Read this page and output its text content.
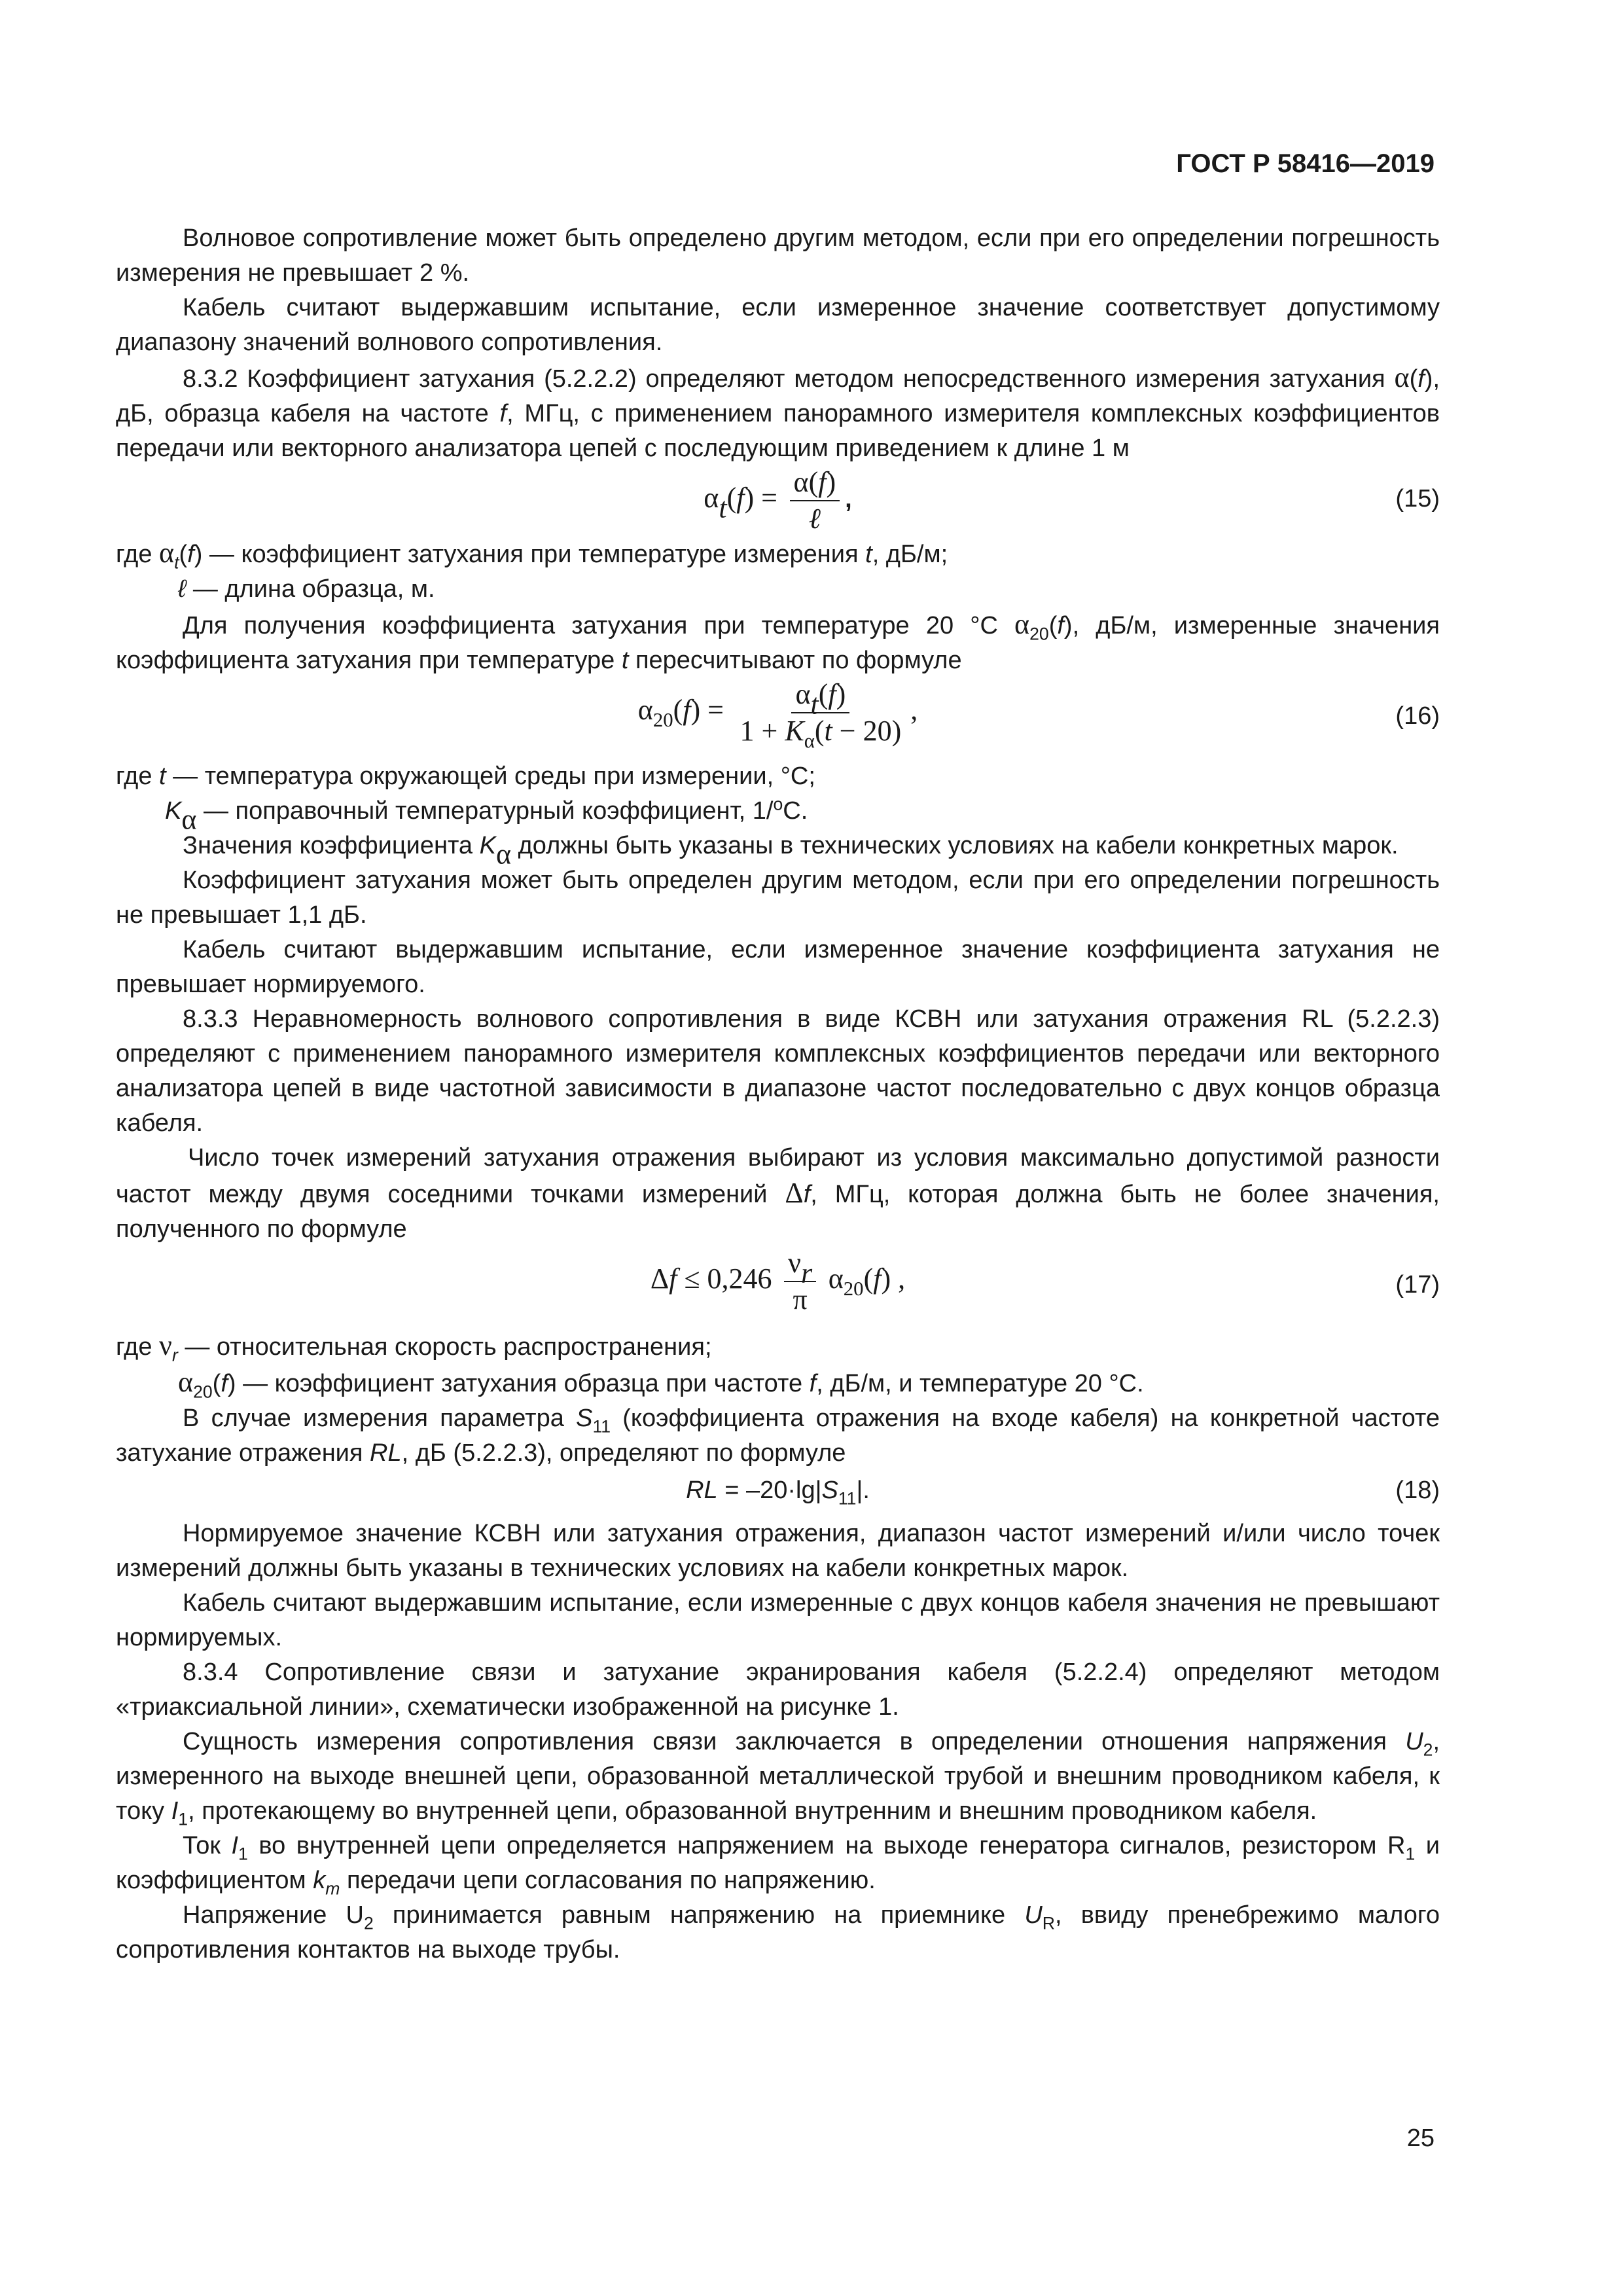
ГОСТ Р 58416—2019

Волновое сопротивление может быть определено другим методом, если при его определении погрешность измерения не превышает 2 %.

Кабель считают выдержавшим испытание, если измеренное значение соответствует допустимому диапазону значений волнового сопротивления.

8.3.2 Коэффициент затухания (5.2.2.2) определяют методом непосредственного измерения затухания α(f), дБ, образца кабеля на частоте f, МГц, с применением панорамного измерителя комплексных коэффициентов передачи или векторного анализатора цепей с последующим приведением к длине 1 м

$\alpha_t(f) = \frac{\alpha(f)}{\text{ℓ}}$ ,	(15)

где $\alpha_t(f)$ — коэффициент затухания при температуре измерения t, дБ/м;

ℓ — длина образца, м.

Для получения коэффициента затухания при температуре 20 °С $\alpha_{20}(f)$, дБ/м, измеренные значения коэффициента затухания при температуре t пересчитывают по формуле

$\alpha_{20}(f) = \frac{\alpha_t(f)}{1 + K_\alpha(t - 20)}$ ,	(16)

где t — температура окружающей среды при измерении, °С;

$K_\alpha$ — поправочный температурный коэффициент, 1/$^o$С.

Значения коэффициента $K_\alpha$ должны быть указаны в технических условиях на кабели конкретных марок.

Коэффициент затухания может быть определен другим методом, если при его определении погрешность не превышает 1,1 дБ.

Кабель считают выдержавшим испытание, если измеренное значение коэффициента затухания не превышает нормируемого.

8.3.3 Неравномерность волнового сопротивления в виде КСВН или затухания отражения RL (5.2.2.3) определяют с применением панорамного измерителя комплексных коэффициентов передачи или векторного анализатора цепей в виде частотной зависимости в диапазоне частот последовательно с двух концов образца кабеля.

Число точек измерений затухания отражения выбирают из условия максимально допустимой разности частот между двумя соседними точками измерений Δf, МГц, которая должна быть не более значения, полученного по формуле

$\Delta f \le 0,246 \frac{\nu_r}{\pi} \alpha_{20}(f)$ ,	(17)

где $\nu_r$ — относительная скорость распространения;

$\alpha_{20}(f)$ — коэффициент затухания образца при частоте f, дБ/м, и температуре 20 °С.

В случае измерения параметра $S_{11}$ (коэффициента отражения на входе кабеля) на конкретной частоте затухание отражения RL, дБ (5.2.2.3), определяют по формуле

RL = $-20\cdot\lg|S_{11}|$.	(18)

Нормируемое значение КСВН или затухания отражения, диапазон частот измерений и/или число точек измерений должны быть указаны в технических условиях на кабели конкретных марок.

Кабель считают выдержавшим испытание, если измеренные с двух концов кабеля значения не превышают нормируемых.

8.3.4 Сопротивление связи и затухание экранирования кабеля (5.2.2.4) определяют методом «триаксиальной линии», схематически изображенной на рисунке 1.

Сущность измерения сопротивления связи заключается в определении отношения напряжения $U_2$, измеренного на выходе внешней цепи, образованной металлической трубой и внешним проводником кабеля, к току $I_1$, протекающему во внутренней цепи, образованной внутренним и внешним проводником кабеля.

Ток $I_1$ во внутренней цепи определяется напряжением на выходе генератора сигналов, резистором $R_1$ и коэффициентом $k_m$ передачи цепи согласования по напряжению.

Напряжение $U_2$ принимается равным напряжению на приемнике $U_R$, ввиду пренебрежимо малого сопротивления контактов на выходе трубы.

25
